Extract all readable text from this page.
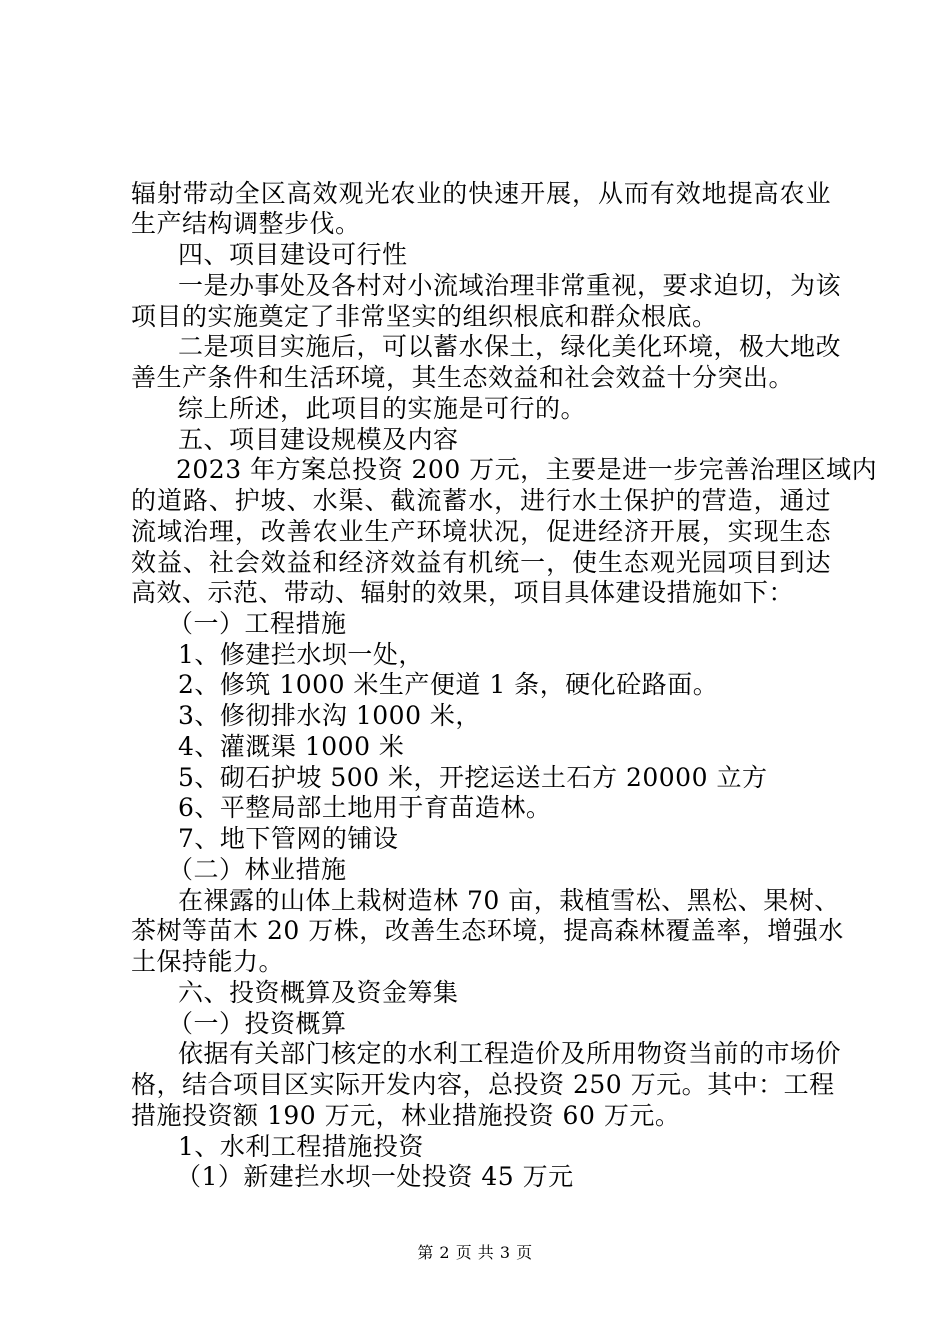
辐射带动全区高效观光农业的快速开展，从而有效地提高农业
生产结构调整步伐。
四、项目建设可行性
一是办事处及各村对小流域治理非常重视，要求迫切，为该
项目的实施奠定了非常坚实的组织根底和群众根底。
二是项目实施后，可以蓄水保土，绿化美化环境，极大地改
善生产条件和生活环境，其生态效益和社会效益十分突出。
综上所述，此项目的实施是可行的。
五、项目建设规模及内容
2023 年方案总投资 200 万元，主要是进一步完善治理区域内
的道路、护坡、水渠、截流蓄水，进行水土保护的营造，通过
流域治理，改善农业生产环境状况，促进经济开展，实现生态
效益、社会效益和经济效益有机统一，使生态观光园项目到达
高效、示范、带动、辐射的效果，项目具体建设措施如下：
（一）工程措施
1、修建拦水坝一处，
2、修筑 1000 米生产便道 1 条，硬化砼路面。
3、修彻排水沟 1000 米，
4、灌溉渠 1000 米
5、砌石护坡 500 米，开挖运送土石方 20000 立方
6、平整局部土地用于育苗造林。
7、地下管网的铺设
（二）林业措施
在裸露的山体上栽树造林 70 亩，栽植雪松、黑松、果树、
茶树等苗木 20 万株，改善生态环境，提高森林覆盖率，增强水
土保持能力。
六、投资概算及资金筹集
（一）投资概算
依据有关部门核定的水利工程造价及所用物资当前的市场价
格，结合项目区实际开发内容，总投资 250 万元。其中：工程
措施投资额 190 万元，林业措施投资 60 万元。
1、水利工程措施投资
（1）新建拦水坝一处投资 45 万元
第 2 页 共 3 页
